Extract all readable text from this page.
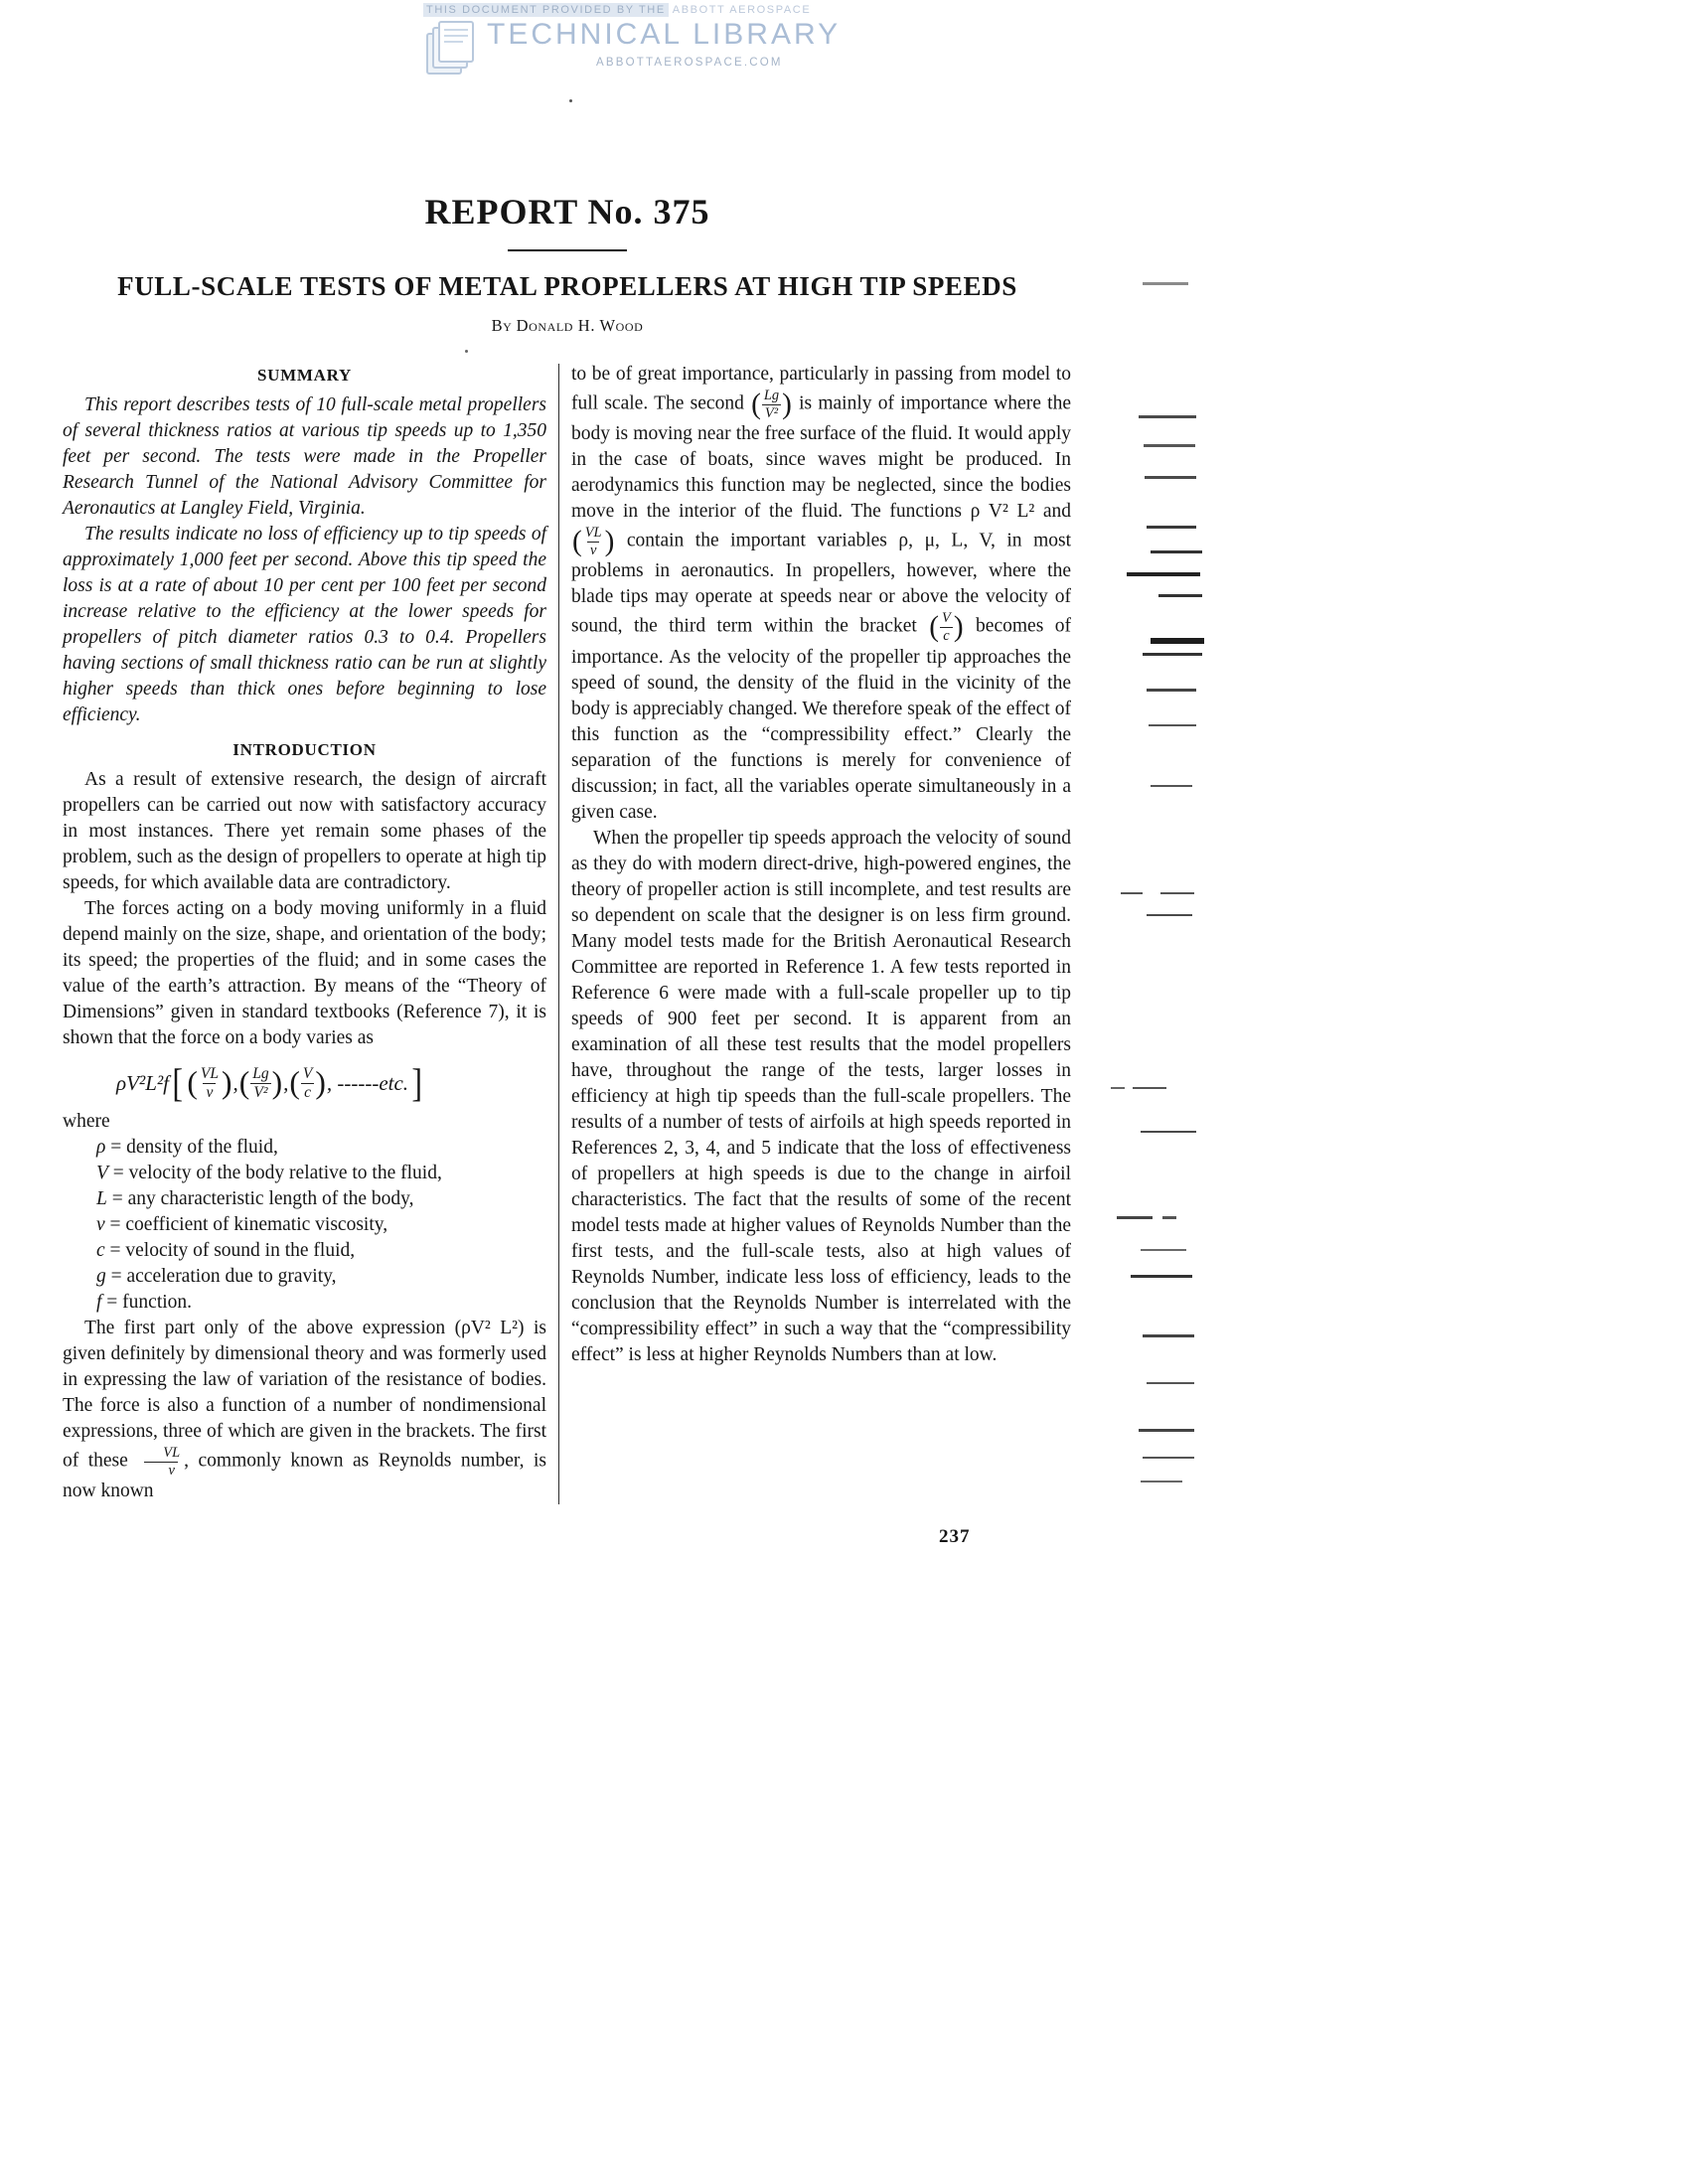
THIS DOCUMENT PROVIDED BY THE ABBOTT AEROSPACE
TECHNICAL LIBRARY
ABBOTTAEROSPACE.COM
REPORT No. 375
FULL-SCALE TESTS OF METAL PROPELLERS AT HIGH TIP SPEEDS
By Donald H. Wood
SUMMARY

This report describes tests of 10 full-scale metal propellers of several thickness ratios at various tip speeds up to 1,350 feet per second. The tests were made in the Propeller Research Tunnel of the National Advisory Committee for Aeronautics at Langley Field, Virginia.

The results indicate no loss of efficiency up to tip speeds of approximately 1,000 feet per second. Above this tip speed the loss is at a rate of about 10 per cent per 100 feet per second increase relative to the efficiency at the lower speeds for propellers of pitch diameter ratios 0.3 to 0.4. Propellers having sections of small thickness ratio can be run at slightly higher speeds than thick ones before beginning to lose efficiency.

INTRODUCTION

As a result of extensive research, the design of aircraft propellers can be carried out now with satisfactory accuracy in most instances. There yet remain some phases of the problem, such as the design of propellers to operate at high tip speeds, for which available data are contradictory.

The forces acting on a body moving uniformly in a fluid depend mainly on the size, shape, and orientation of the body; its speed; the properties of the fluid; and in some cases the value of the earth’s attraction. By means of the “Theory of Dimensions” given in standard textbooks (Reference 7), it is shown that the force on a body varies as

ρV²L²f [ ( $\frac{VL}{\nu}$ ) , ( $\frac{Lg}{\text{V²}}$ ) , ( $\frac{V}{c}$ ) , ------etc. ]
where
ρ = density of the fluid,
V = velocity of the body relative to the fluid,
L = any characteristic length of the body,
ν = coefficient of kinematic viscosity,
c = velocity of sound in the fluid,
g = acceleration due to gravity,
f = function.

The first part only of the above expression (ρV² L²) is given definitely by dimensional theory and was formerly used in expressing the law of variation of the resistance of bodies. The force is also a function of a number of nondimensional expressions, three of which are given in the brackets. The first of these $\frac{VL}{\nu}$ , commonly known as Reynolds number, is now known

to be of great importance, particularly in passing from model to full scale. The second ( $\frac{Lg}{\text{V²}}$ ) is mainly of importance where the body is moving near the free surface of the fluid. It would apply in the case of boats, since waves might be produced. In aerodynamics this function may be neglected, since the bodies move in the interior of the fluid. The functions ρ V² L² and
( $\frac{VL}{\nu}$ ) contain the important variables ρ, μ, L, V, in most problems in aeronautics. In propellers, however, where the blade tips may operate at speeds near or above the velocity of sound, the third term within the bracket ( $\frac{V}{c}$ ) becomes of importance. As the velocity of the propeller tip approaches the speed of sound, the density of the fluid in the vicinity of the body is appreciably changed. We therefore speak of the effect of this function as the “compressibility effect.” Clearly the separation of the functions is merely for convenience of discussion; in fact, all the variables operate simultaneously in a given case.

When the propeller tip speeds approach the velocity of sound as they do with modern direct-drive, high-powered engines, the theory of propeller action is still incomplete, and test results are so dependent on scale that the designer is on less firm ground. Many model tests made for the British Aeronautical Research Committee are reported in Reference 1. A few tests reported in Reference 6 were made with a full-scale propeller up to tip speeds of 900 feet per second. It is apparent from an examination of all these test results that the model propellers have, throughout the range of the tests, larger losses in efficiency at high tip speeds than the full-scale propellers. The results of a number of tests of airfoils at high speeds reported in References 2, 3, 4, and 5 indicate that the loss of effectiveness of propellers at high speeds is due to the change in airfoil characteristics. The fact that the results of some of the recent model tests made at higher values of Reynolds Number than the first tests, and the full-scale tests, also at high values of Reynolds Number, indicate less loss of efficiency, leads to the conclusion that the Reynolds Number is interrelated with the “compressibility effect” in such a way that the “compressibility effect” is less at higher Reynolds Numbers than at low.

237
